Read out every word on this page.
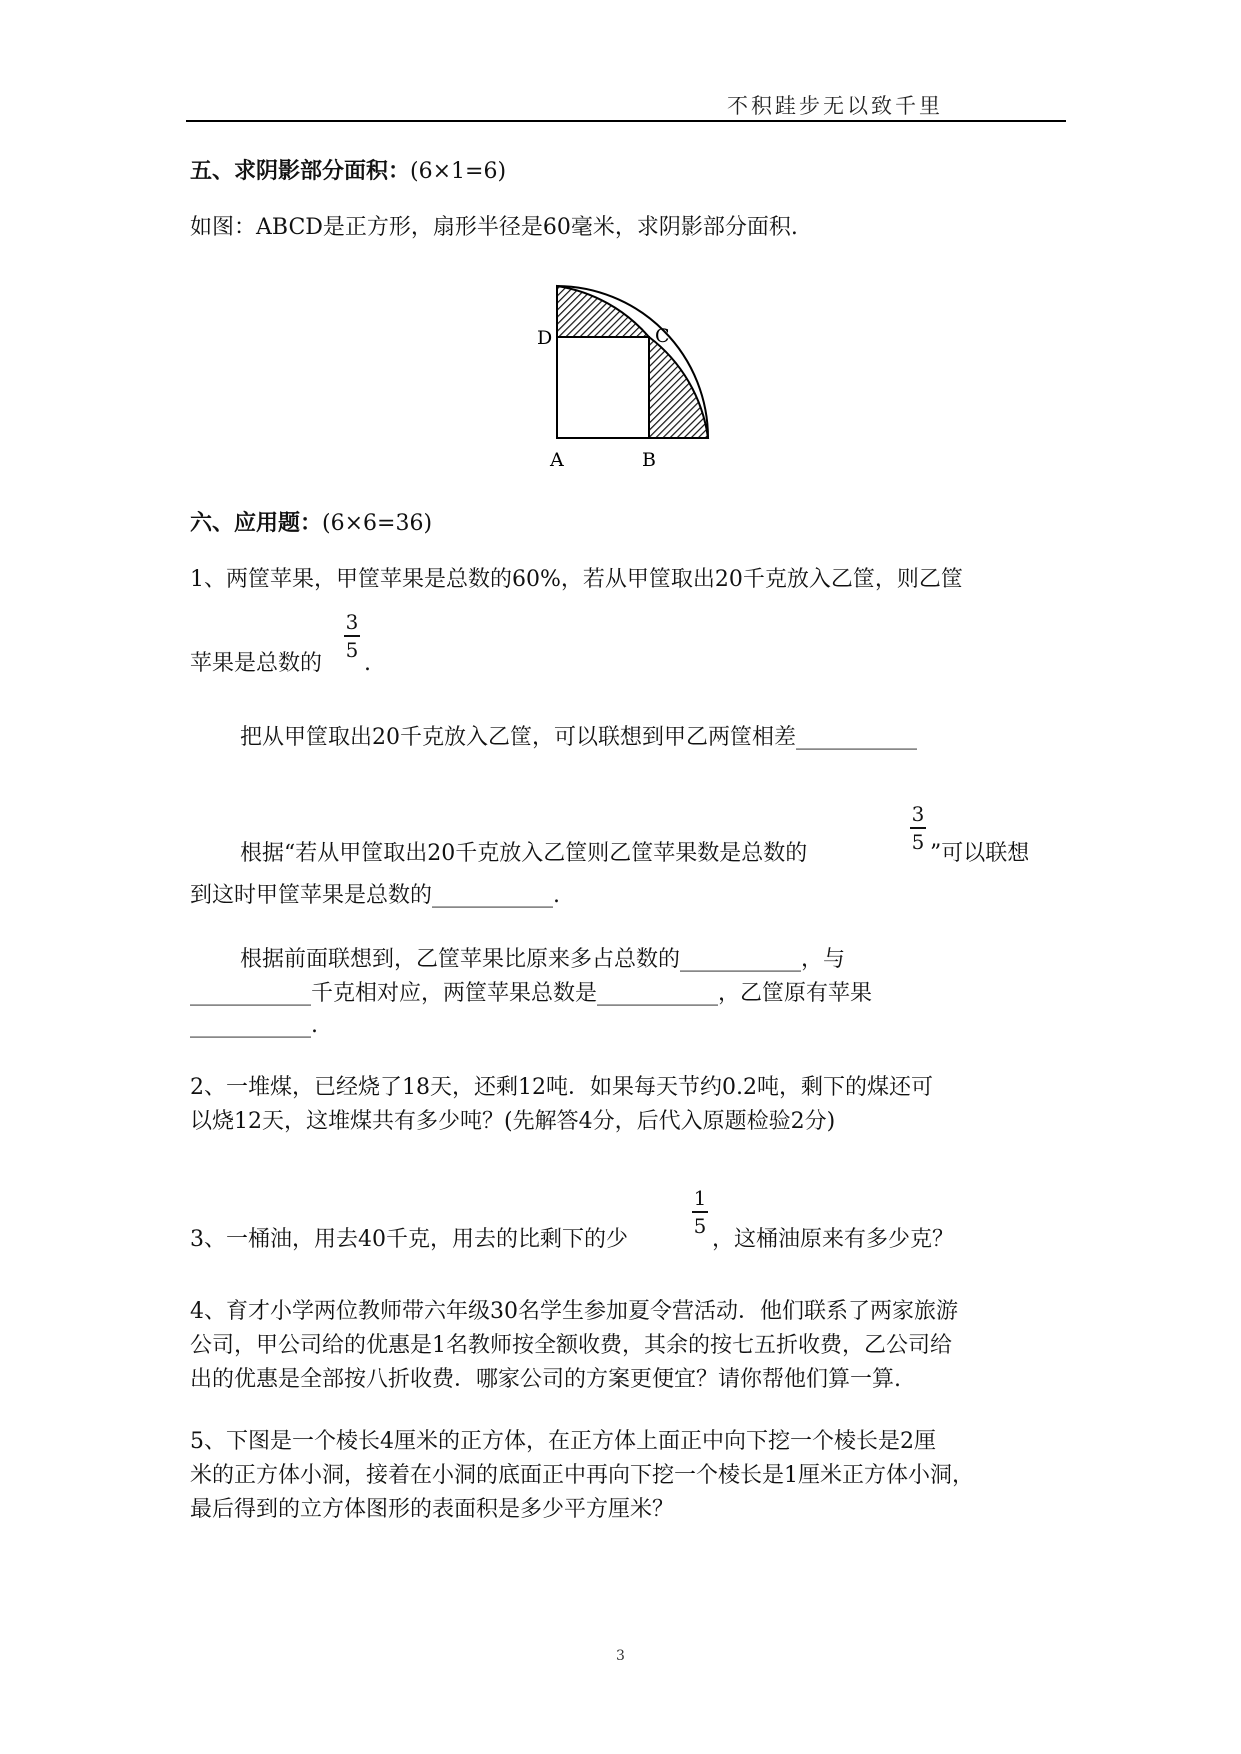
不积跬步无以致千里
五、求阴影部分面积：(6×1=6)
如图：ABCD是正方形，扇形半径是60毫米，求阴影部分面积.
D	C
A	B
六、应用题：(6×6=36)
1、两筐苹果，甲筐苹果是总数的60%，若从甲筐取出20千克放入乙筐，则乙筐
3
5
苹果是总数的 .
把从甲筐取出20千克放入乙筐，可以联想到甲乙两筐相差___________
3
5
根据“若从甲筐取出20千克放入乙筐则乙筐苹果数是总数的	”可以联想
到这时甲筐苹果是总数的___________.
根据前面联想到，乙筐苹果比原来多占总数的___________，与
___________千克相对应，两筐苹果总数是___________，乙筐原有苹果
___________.
2、一堆煤，已经烧了18天，还剩12吨．如果每天节约0.2吨，剩下的煤还可
以烧12天，这堆煤共有多少吨？(先解答4分，后代入原题检验2分)
1
5
3、一桶油，用去40千克，用去的比剩下的少	，这桶油原来有多少克？
4、育才小学两位教师带六年级30名学生参加夏令营活动．他们联系了两家旅游
公司，甲公司给的优惠是1名教师按全额收费，其余的按七五折收费，乙公司给
出的优惠是全部按八折收费．哪家公司的方案更便宜？请你帮他们算一算.
5、下图是一个棱长4厘米的正方体，在正方体上面正中向下挖一个棱长是2厘
米的正方体小洞，接着在小洞的底面正中再向下挖一个棱长是1厘米正方体小洞，
最后得到的立方体图形的表面积是多少平方厘米？
3
